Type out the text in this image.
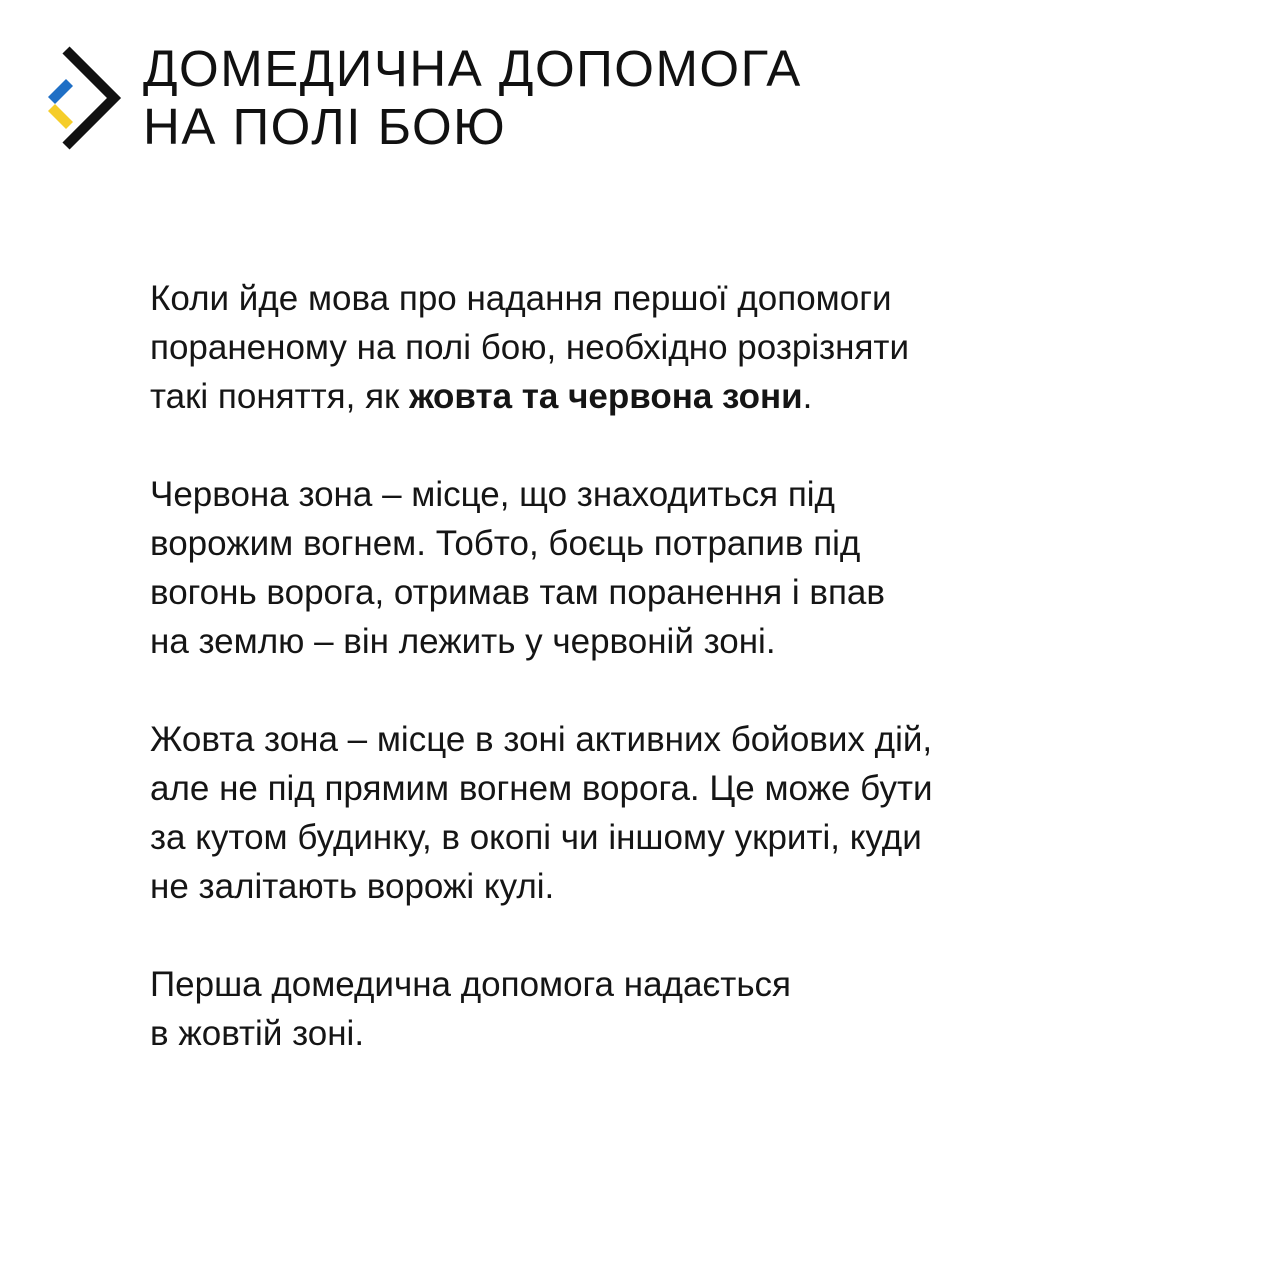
ДОМЕДИЧНА ДОПОМОГА
НА ПОЛІ БОЮ

Коли йде мова про надання першої допомоги
пораненому на полі бою, необхідно розрізняти
такі поняття, як жовта та червона зони.

Червона зона – місце, що знаходиться під
ворожим вогнем. Тобто, боєць потрапив під
вогонь ворога, отримав там поранення і впав
на землю – він лежить у червоній зоні.

Жовта зона – місце в зоні активних бойових дій,
але не під прямим вогнем ворога. Це може бути
за кутом будинку, в окопі чи іншому укриті, куди
не залітають ворожі кулі.

Перша домедична допомога надається
в жовтій зоні.
